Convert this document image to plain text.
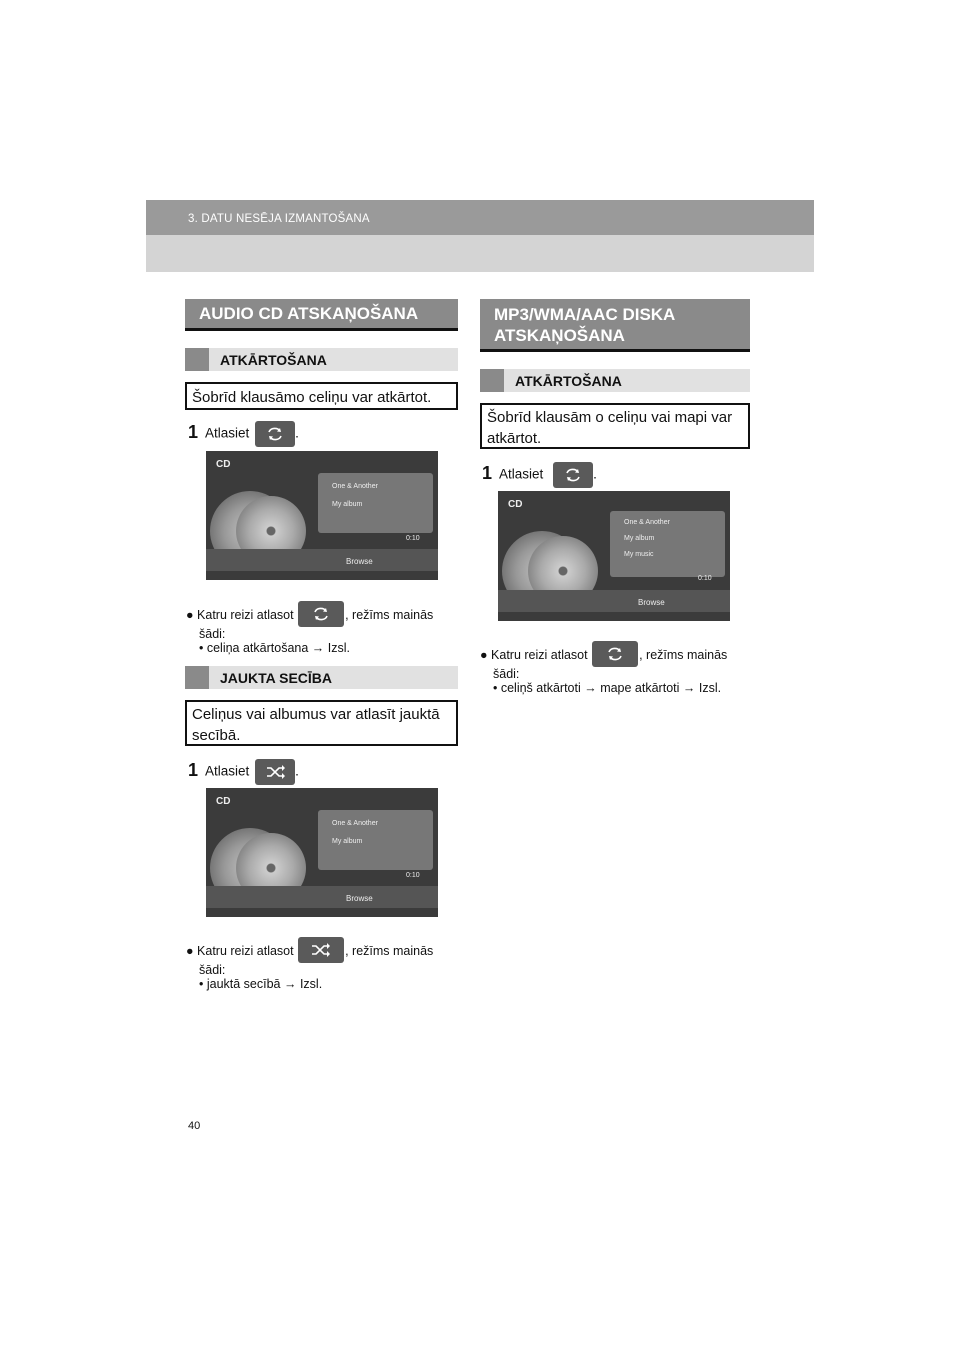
3. DATU NESĒJA IZMANTOŠANA
AUDIO CD ATSKAŅOŠANA
ATKĀRTOŠANA
Šobrīd klausāmo celiņu var atkārtot.
1 Atlasiet	.
CD
One & Another
My album
0:10
Browse
● Katru reizi atlasot	, režīms mainās
šādi:
• celiņa atkārtošana → Izsl.
JAUKTA SECĪBA
Celiņus vai albumus var atlasīt jauktā
secībā.
1 Atlasiet	.
CD
One & Another
My album
0:10
Browse
● Katru reizi atlasot	, režīms mainās
šādi:
• jauktā secībā → Izsl.
MP3/WMA/AAC DISKA
ATSKAŅOŠANA
ATKĀRTOŠANA
Šobrīd klausām o celiņu vai mapi var
atkārtot.
1 Atlasiet	.
CD
One & Another
My album
My music
0:10
Browse
● Katru reizi atlasot	, režīms mainās
šādi:
• celiņš atkārtoti → mape atkārtoti → Izsl.
40
